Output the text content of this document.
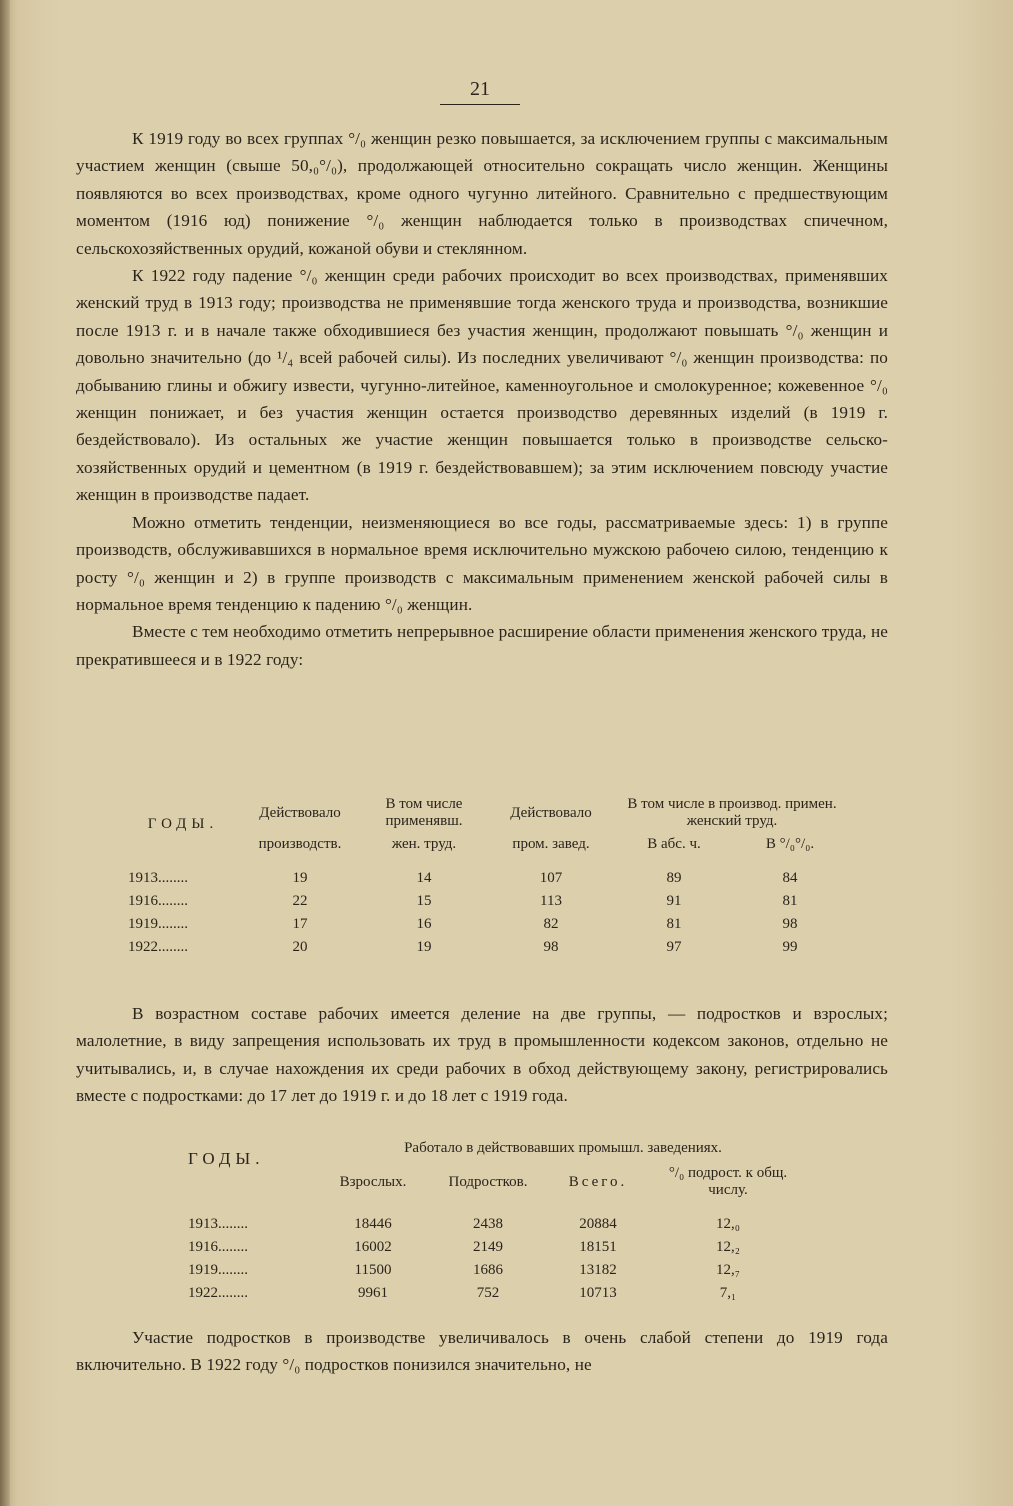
21

К 1919 году во всех группах °/₀ женщин резко повышается, за исключением группы с максимальным участием женщин (свыше 50,₀°/₀), продолжающей относительно сокращать число женщин. Женщины появляются во всех производствах, кроме одного чугунно литейного. Сравнительно с предшествующим моментом (1916 юд) понижение °/₀ женщин наблюдается только в производствах спичечном, сельскохозяйственных орудий, кожаной обуви и стеклянном.

К 1922 году падение °/₀ женщин среди рабочих происходит во всех производствах, применявших женский труд в 1913 году; производства не применявшие тогда женского труда и производства, возникшие после 1913 г. и в начале также обходившиеся без участия женщин, продолжают повышать °/₀ женщин и довольно значительно (до ¹/₄ всей рабочей силы). Из последних увеличивают °/₀ женщин производства: по добыванию глины и обжигу извести, чугунно-литейное, каменноугольное и смолокуренное; кожевенное °/₀ женщин понижает, и без участия женщин остается производство деревянных изделий (в 1919 г. бездействовало). Из остальных же участие женщин повышается только в производстве сельско-хозяйственных орудий и цементном (в 1919 г. бездействовавшем); за этим исключением повсюду участие женщин в производстве падает.

Можно отметить тенденции, неизменяющиеся во все годы, рассматриваемые здесь: 1) в группе производств, обслуживавшихся в нормальное время исключительно мужскою рабочею силою, тенденцию к росту °/₀ женщин и 2) в группе производств с максимальным применением женской рабочей силы в нормальное время тенденцию к падению °/₀ женщин.

Вместе с тем необходимо отметить непрерывное расширение области применения женского труда, не прекратившееся и в 1922 году:

ГОДЫ.	Действовало	В том числе применявш.	Действовало	В том числе в производ. примен. женский труд.	
	производств.	жен. труд.	пром. завед.	В абс. ч.	В °/₀°/₀.

1913........	19	14	107	89	84
1916........	22	15	113	91	81
1919........	17	16	82	81	98
1922........	20	19	98	97	99

В возрастном составе рабочих имеется деление на две группы, — подростков и взрослых; малолетние, в виду запрещения использовать их труд в промышленности кодексом законов, отдельно не учитывались, и, в случае нахождения их среди рабочих в обход действующему закону, регистрировались вместе с подростками: до 17 лет до 1919 г. и до 18 лет с 1919 года.

ГОДЫ.	Работало в действовавших промышл. заведениях.			
	Взрослых.	Подростков.	Всего.	°/₀ подрост. к общ. числу.

1913........	18446	2438	20884	12,₀
1916........	16002	2149	18151	12,₂
1919........	11500	1686	13182	12,₇
1922........	9961	752	10713	7,₁

Участие подростков в производстве увеличивалось в очень слабой степени до 1919 года включительно. В 1922 году °/₀ подростков понизился значительно, не
